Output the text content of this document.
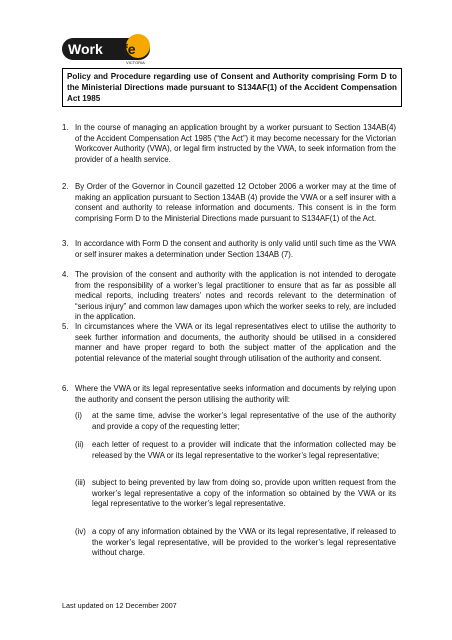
Work Safe
VICTORIA
Policy and Procedure regarding use of Consent and Authority comprising Form D to the Ministerial Directions made pursuant to S134AF(1) of the Accident Compensation Act 1985
1. In the course of managing an application brought by a worker pursuant to Section 134AB(4) of the Accident Compensation Act 1985 (“the Act”) it may become necessary for the Victorian Workcover Authority (VWA), or legal firm instructed by the VWA, to seek information from the provider of a health service.
2. By Order of the Governor in Council gazetted 12 October 2006 a worker may at the time of making an application pursuant to Section 134AB (4) provide the VWA or a self insurer with a consent and authority to release information and documents. This consent is in the form comprising Form D to the Ministerial Directions made pursuant to S134AF(1) of the Act.
3. In accordance with Form D the consent and authority is only valid until such time as the VWA or self insurer makes a determination under Section 134AB (7).
4. The provision of the consent and authority with the application is not intended to derogate from the responsibility of a worker’s legal practitioner to ensure that as far as possible all medical reports, including treaters’ notes and records relevant to the determination of “serious injury” and common law damages upon which the worker seeks to rely, are included in the application.
5. In circumstances where the VWA or its legal representatives elect to utilise the authority to seek further information and documents, the authority should be utilised in a considered manner and have proper regard to both the subject matter of the application and the potential relevance of the material sought through utilisation of the authority and consent.
6. Where the VWA or its legal representative seeks information and documents by relying upon the authority and consent the person utilising the authority will:
(i) at the same time, advise the worker’s legal representative of the use of the authority and provide a copy of the requesting letter;
(ii) each letter of request to a provider will indicate that the information collected may be released by the VWA or its legal representative to the worker’s legal representative;
(iii) subject to being prevented by law from doing so, provide upon written request from the worker’s legal representative a copy of the information so obtained by the VWA or its legal representative to the worker’s legal representative.
(iv) a copy of any information obtained by the VWA or its legal representative, if released to the worker’s legal representative, will be provided to the worker’s legal representative without charge.
Last updated on 12 December 2007
